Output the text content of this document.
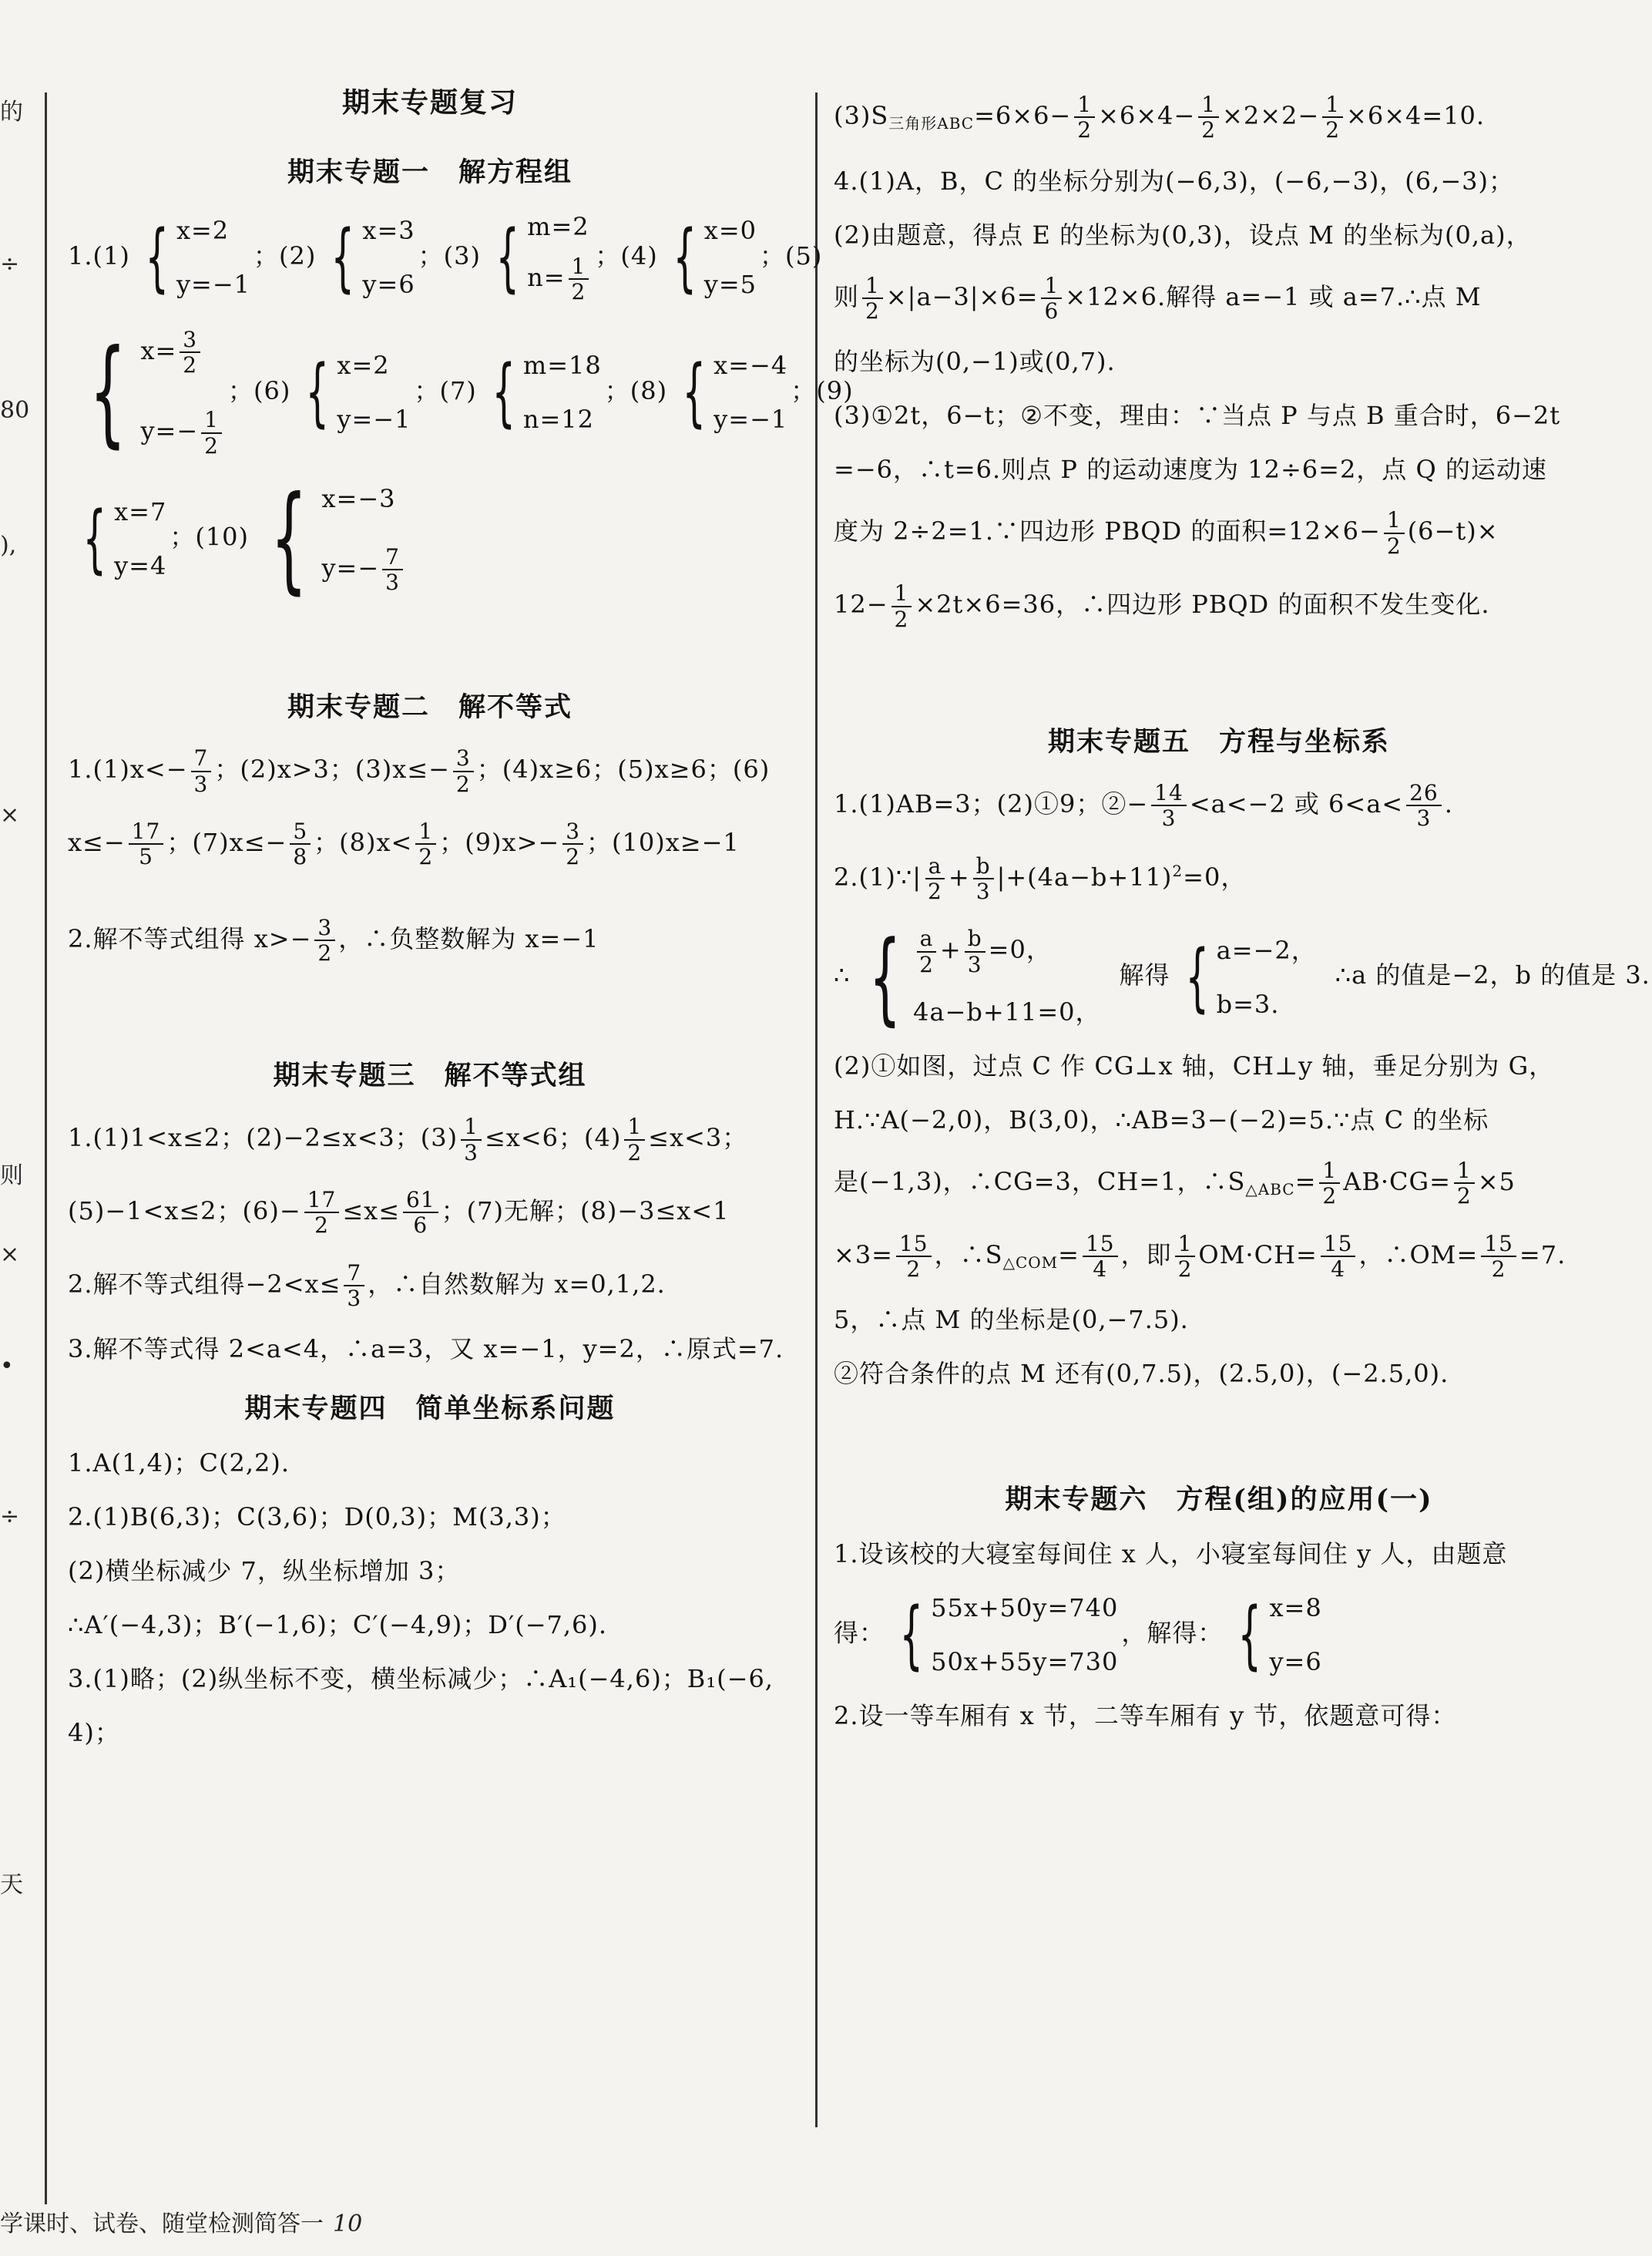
的
÷
80
),
×
则
×
•
÷
天
期末专题复习
期末专题一　解方程组
1.(1) { x=2
y=−1
；(2) { x=3
y=6
；(3) { m=2
$n= \frac{1}{2}$ ；(4) { x=0
y=5
；(5)
{ $x= \frac{3}{2}$
$y=- \frac{1}{2}$
；(6) { x=2
y=−1
；(7) { m=18
n=12
；(8) { x=−4
y=−1
；(9)
{ x=7
y=4
；(10) { x=−3
$y=- \frac{7}{3}$
期末专题二　解不等式
$1.(1)x<- \frac{7}{3}$ ；(2)x>3；$(3)x\le- \frac{3}{2}$ ；(4)x≥6；(5)x≥6；(6)
$x\le- \frac{17}{5}$ ；$(7)x\le- \frac{5}{8}$ ；$(8)x< \frac{1}{2}$ ；$(9)x>- \frac{3}{2}$ ；(10)x≥−1
2.解不等式组得 $x>- \frac{3}{2}$ ，∴负整数解为 x=−1
期末专题三　解不等式组
1.(1)1<x≤2；(2)−2≤x<3；$(3) \frac{1}{3} \le x<6$；$(4) \frac{1}{2} \le x<3$；
(5)−1<x≤2；$(6)- \frac{17}{2} \le x\le \frac{61}{6}$ ；(7)无解；(8)−3≤x<1
2.解不等式组得$-2<x\le \frac{7}{3}$ ，∴自然数解为 x=0,1,2.
3.解不等式得 2<a<4，∴a=3，又 x=−1，y=2，∴原式=7.
期末专题四　简单坐标系问题
1.A(1,4)；C(2,2).
2.(1)B(6,3)；C(3,6)；D(0,3)；M(3,3)；
(2)横坐标减少 7，纵坐标增加 3；
∴A′(−4,3)；B′(−1,6)；C′(−4,9)；D′(−7,6).
3.(1)略；(2)纵坐标不变，横坐标减少；∴A₁(−4,6)；B₁(−6,
4)；
$(3)S_{三角形ABC}=6\times 6- \frac{1}{2} \times 6\times 4- \frac{1}{2} \times 2\times 2- \frac{1}{2} \times 6\times 4=10$.
4.(1)A，B，C 的坐标分别为(−6,3)，(−6,−3)，(6,−3)；
(2)由题意，得点 E 的坐标为(0,3)，设点 M 的坐标为(0,a)，
则 $\frac{1}{2} \times|a-3|\times 6= \frac{1}{6} \times 12\times 6$.解得 a=−1 或 a=7.∴点 M
的坐标为(0,−1)或(0,7).
(3)①2t，6−t；②不变，理由：∵当点 P 与点 B 重合时，6−2t
=−6，∴t=6.则点 P 的运动速度为 12÷6=2，点 Q 的运动速
度为 2÷2=1.∵四边形 PBQD 的面积$=12\times 6- \frac{1}{2} (6-t)\times$
$12- \frac{1}{2} \times 2t\times 6=36$，∴四边形 PBQD 的面积不发生变化.
期末专题五　方程与坐标系
1.(1)AB=3；(2)①9；②− $\frac{14}{3} <a<-2$ 或 $6<a< \frac{26}{3}$ .
2.(1)∵| $\frac{a}{2} + \frac{b}{3} |+(4a-b+11)^2=0$，
∴ { $\frac{a}{2} + \frac{b}{3} =0$，
4a−b+11=0，
解得 { a=−2，
b=3.
∴a 的值是−2，b 的值是 3.
(2)①如图，过点 C 作 CG⊥x 轴，CH⊥y 轴，垂足分别为 G，
H.∵A(−2,0)，B(3,0)，∴AB=3−(−2)=5.∵点 C 的坐标
是(−1,3)，∴CG=3，CH=1，$\therefore S_{\triangle ABC}= \frac{1}{2} AB\cdot CG= \frac{1}{2} \times 5$
$\times 3= \frac{15}{2}$ ，$\therefore S_{\triangle COM}= \frac{15}{4}$ ，即 $\frac{1}{2} OM\cdot CH= \frac{15}{4}$ ，∴OM= $\frac{15}{2} =7$.
5，∴点 M 的坐标是(0,−7.5).
②符合条件的点 M 还有(0,7.5)，(2.5,0)，(−2.5,0).
期末专题六　方程(组)的应用(一)
1.设该校的大寝室每间住 x 人，小寝室每间住 y 人，由题意
得： { 55x+50y=740
50x+55y=730
，解得： { x=8
y=6
2.设一等车厢有 x 节，二等车厢有 y 节，依题意可得：
学课时、试卷、随堂检测简答一 10
